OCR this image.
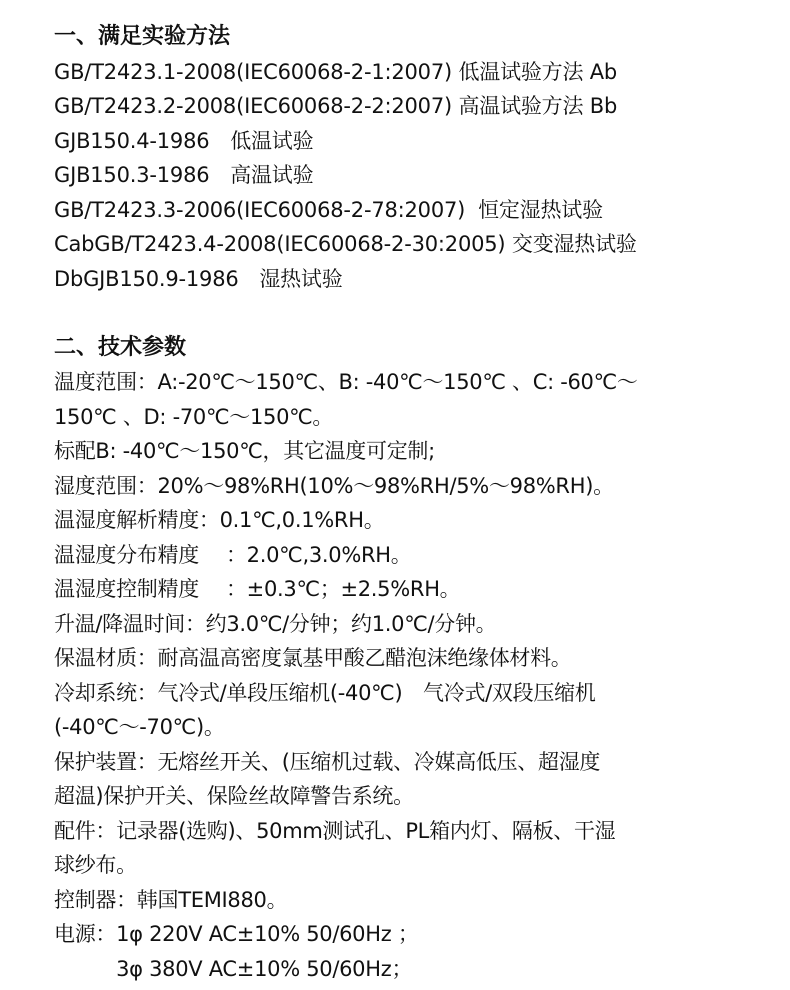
一、满足实验方法
GB/T2423.1-2008(IEC60068-2-1:2007) 低温试验方法 Ab
GB/T2423.2-2008(IEC60068-2-2:2007) 高温试验方法 Bb
GJB150.4-1986　低温试验
GJB150.3-1986　高温试验
GB/T2423.3-2006(IEC60068-2-78:2007)  恒定湿热试验
CabGB/T2423.4-2008(IEC60068-2-30:2005) 交变湿热试验
DbGJB150.9-1986　湿热试验
二、技术参数
温度范围：A:-20℃～150℃、B: -40℃～150℃ 、C: -60℃～
150℃ 、D: -70℃～150℃。
标配B: -40℃～150℃，其它温度可定制;
湿度范围：20%～98%RH(10%～98%RH/5%～98%RH)。
温湿度解析精度：0.1℃,0.1%RH。
温湿度分布精度 　：2.0℃,3.0%RH。
温湿度控制精度 　：±0.3℃；±2.5%RH。
升温/降温时间：约3.0℃/分钟；约1.0℃/分钟。
保温材质：耐高温高密度氯基甲酸乙醋泡沫绝缘体材料。
冷却系统：气冷式/单段压缩机(-40℃)　气冷式/双段压缩机
(-40℃～-70℃)。
保护装置：无熔丝开关、(压缩机过载、冷媒高低压、超湿度
超温)保护开关、保险丝故障警告系统。
配件：记录器(选购)、50mm测试孔、PL箱内灯、隔板、干湿
球纱布。
控制器：韩国TEMI880。
电源：1φ 220V AC±10% 50/60Hz ；
　　　3φ 380V AC±10% 50/60Hz；
